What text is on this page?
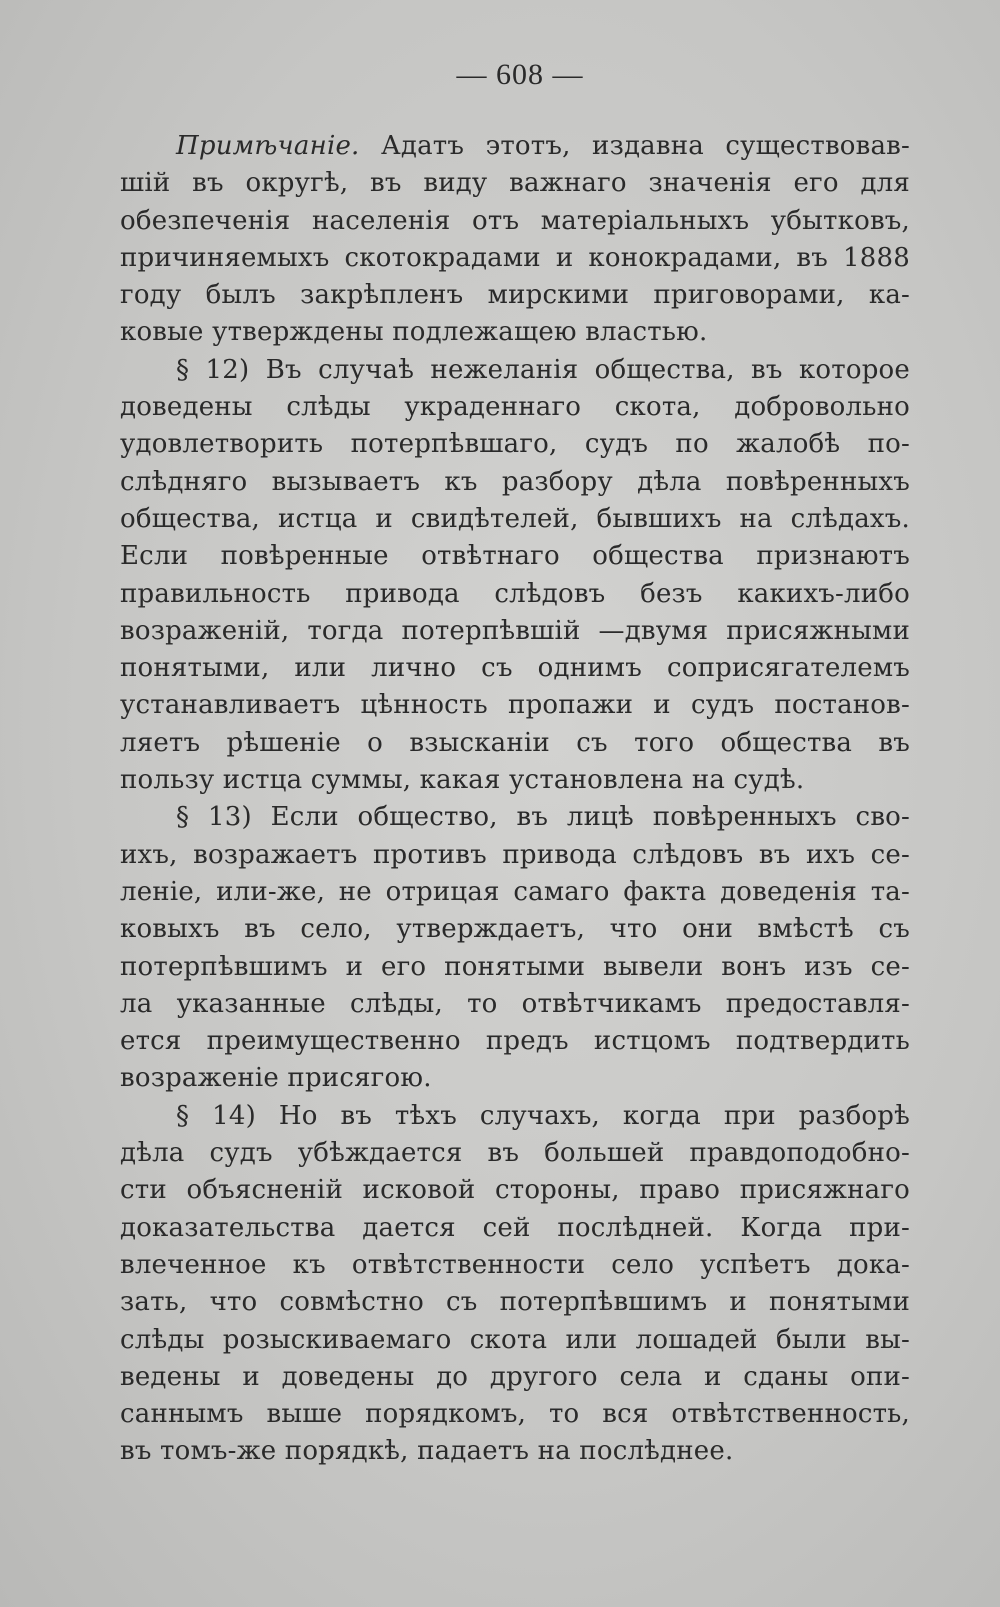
— 608 —
Примѣчаніе. Адатъ этотъ, издавна существовав-
шій въ округѣ, въ виду важнаго значенія его для
обезпеченія населенія отъ матеріальныхъ убытковъ,
причиняемыхъ скотокрадами и конокрадами, въ 1888
году былъ закрѣпленъ мирскими приговорами, ка-
ковые утверждены подлежащею властью.
§ 12) Въ случаѣ нежеланія общества, въ которое
доведены слѣды украденнаго скота, добровольно
удовлетворить потерпѣвшаго, судъ по жалобѣ по-
слѣдняго вызываетъ къ разбору дѣла повѣренныхъ
общества, истца и свидѣтелей, бывшихъ на слѣдахъ.
Если повѣренные отвѣтнаго общества признаютъ
правильность привода слѣдовъ безъ какихъ-либо
возраженій, тогда потерпѣвшій —двумя присяжными
понятыми, или лично съ однимъ соприсягателемъ
устанавливаетъ цѣнность пропажи и судъ постанов-
ляетъ рѣшеніе о взысканіи съ того общества въ
пользу истца суммы, какая установлена на судѣ.
§ 13) Если общество, въ лицѣ повѣренныхъ сво-
ихъ, возражаетъ противъ привода слѣдовъ въ ихъ се-
леніе, или-же, не отрицая самаго факта доведенія та-
ковыхъ въ село, утверждаетъ, что они вмѣстѣ съ
потерпѣвшимъ и его понятыми вывели вонъ изъ се-
ла указанные слѣды, то отвѣтчикамъ предоставля-
ется преимущественно предъ истцомъ подтвердить
возраженіе присягою.
§ 14) Но въ тѣхъ случахъ, когда при разборѣ
дѣла судъ убѣждается въ большей правдоподобно-
сти объясненій исковой стороны, право присяжнаго
доказательства дается сей послѣдней. Когда при-
влеченное къ отвѣтственности село успѣетъ дока-
зать, что совмѣстно съ потерпѣвшимъ и понятыми
слѣды розыскиваемаго скота или лошадей были вы-
ведены и доведены до другого села и сданы опи-
саннымъ выше порядкомъ, то вся отвѣтственность,
въ томъ-же порядкѣ, падаетъ на послѣднее.
